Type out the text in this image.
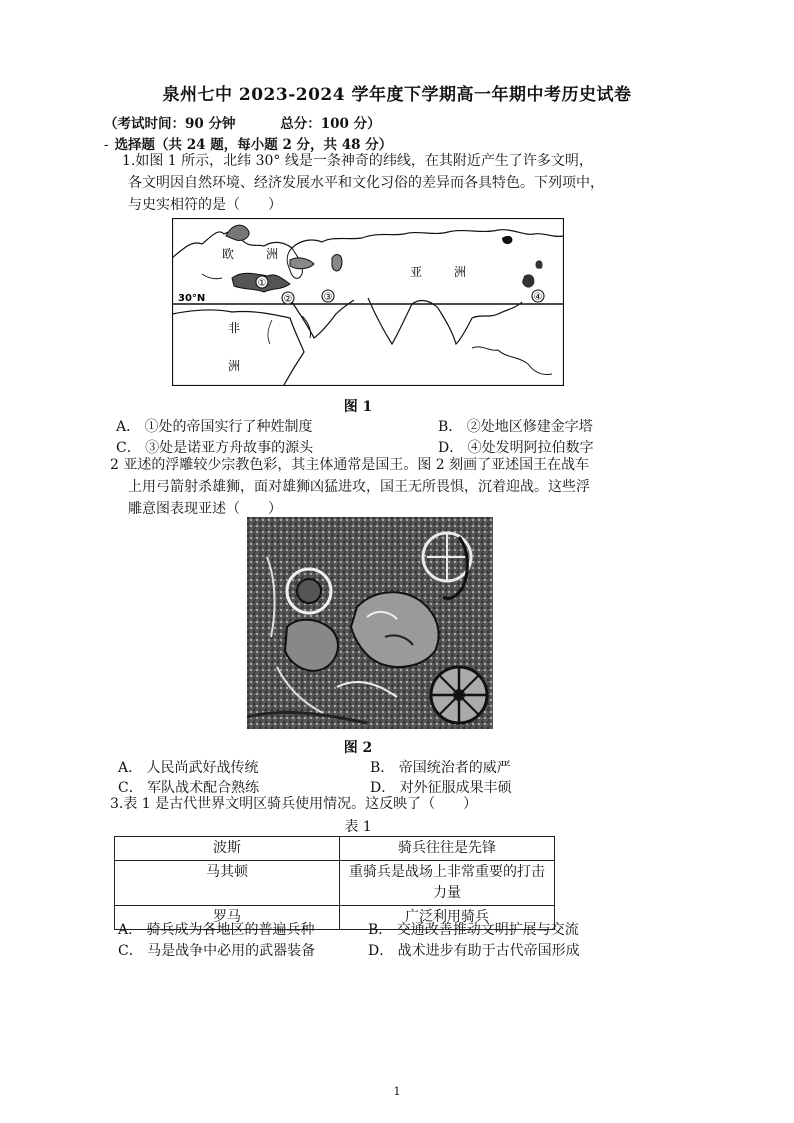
泉州七中 2023-2024 学年度下学期高一年期中考历史试卷
（考试时间：90 分钟	总分：100 分）
- 选择题（共 24 题，每小题 2 分，共 48 分）
1.如图 1 所示，北纬 30° 线是一条神奇的纬线，在其附近产生了许多文明，
各文明因自然环境、经济发展水平和文化习俗的差异而各具特色。下列项中，
与史实相符的是（　　）
①
②	③	④
欧	洲
亚	洲
非
洲
30°N
图 1
A． ①处的帝国实行了种姓制度	B． ②处地区修建金字塔
C． ③处是诺亚方舟故事的源头	D． ④处发明阿拉伯数字
2 亚述的浮雕较少宗教色彩，其主体通常是国王。图 2 刻画了亚述国王在战车
上用弓箭射杀雄狮，面对雄狮凶猛进攻，国王无所畏惧，沉着迎战。这些浮
雕意图表现亚述（　　）
图 2
A． 人民尚武好战传统	B． 帝国统治者的威严
C． 军队战术配合熟练	D． 对外征服成果丰硕
3.表 1 是古代世界文明区骑兵使用情况。这反映了（　　）
表 1
波斯	骑兵往往是先锋
马其顿	重骑兵是战场上非常重要的打击力量
罗马	广泛利用骑兵
A． 骑兵成为各地区的普遍兵种	B． 交通改善推动文明扩展与交流
C． 马是战争中必用的武器装备	D． 战术进步有助于古代帝国形成
1
